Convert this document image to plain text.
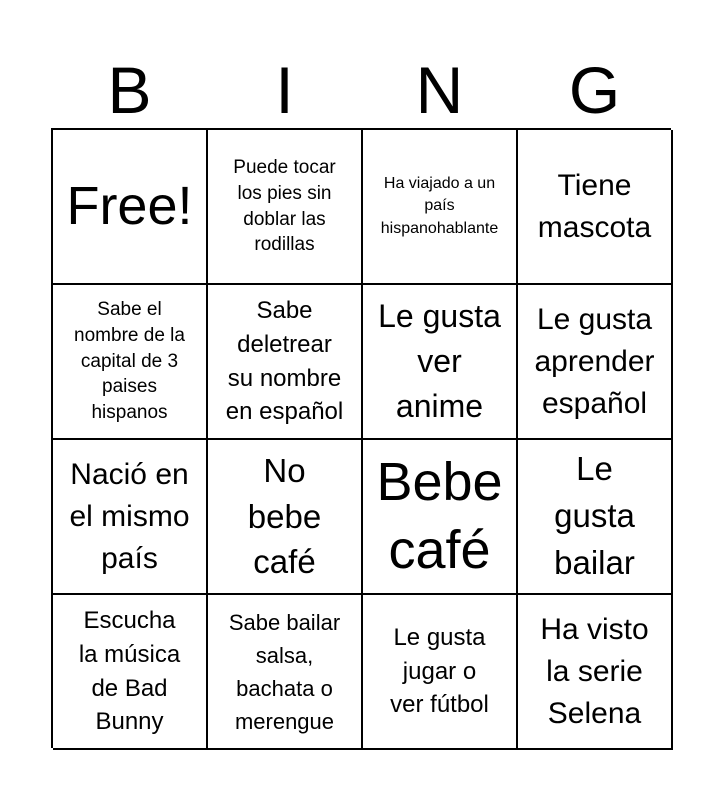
B	I	N	G
Free!
Puede tocar
los pies sin
doblar las
rodillas
Ha viajado a un
país
hispanohablante
Tiene
mascota
Sabe el
nombre de la
capital de 3
paises
hispanos
Sabe
deletrear
su nombre
en español
Le gusta
ver
anime
Le gusta
aprender
español
Nació en
el mismo
país
No
bebe
café
Bebe
café
Le
gusta
bailar
Escucha
la música
de Bad
Bunny
Sabe bailar
salsa,
bachata o
merengue
Le gusta
jugar o
ver fútbol
Ha visto
la serie
Selena
